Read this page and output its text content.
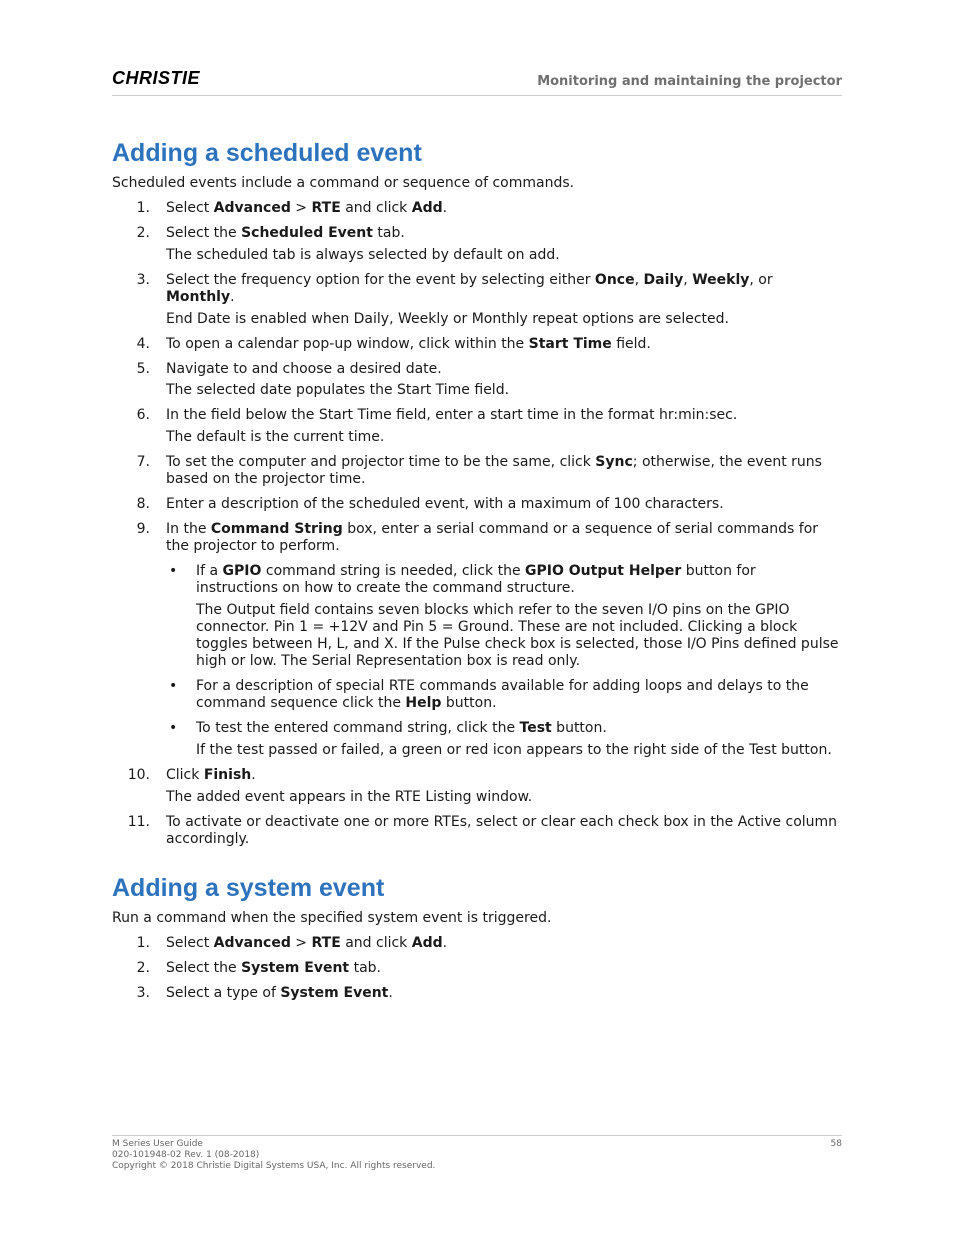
CHRISTIE	Monitoring and maintaining the projector
Adding a scheduled event

Scheduled events include a command or sequence of commands.

1. Select Advanced > RTE and click Add.
2. Select the Scheduled Event tab.
The scheduled tab is always selected by default on add.
3. Select the frequency option for the event by selecting either Once, Daily, Weekly, or
Monthly.
End Date is enabled when Daily, Weekly or Monthly repeat options are selected.
4. To open a calendar pop-up window, click within the Start Time field.
5. Navigate to and choose a desired date.
The selected date populates the Start Time field.
6. In the field below the Start Time field, enter a start time in the format hr:min:sec.
The default is the current time.
7. To set the computer and projector time to be the same, click Sync; otherwise, the event runs based on the projector time.
8. Enter a description of the scheduled event, with a maximum of 100 characters.
9. In the Command String box, enter a serial command or a sequence of serial commands for the projector to perform.
• If a GPIO command string is needed, click the GPIO Output Helper button for instructions on how to create the command structure.
The Output field contains seven blocks which refer to the seven I/O pins on the GPIO connector. Pin 1 = +12V and Pin 5 = Ground. These are not included. Clicking a block toggles between H, L, and X. If the Pulse check box is selected, those I/O Pins defined pulse high or low. The Serial Representation box is read only.
• For a description of special RTE commands available for adding loops and delays to the command sequence click the Help button.
• To test the entered command string, click the Test button.
If the test passed or failed, a green or red icon appears to the right side of the Test button.
10. Click Finish.
The added event appears in the RTE Listing window.
11. To activate or deactivate one or more RTEs, select or clear each check box in the Active column accordingly.
Adding a system event

Run a command when the specified system event is triggered.

1. Select Advanced > RTE and click Add.
2. Select the System Event tab.
3. Select a type of System Event.
M Series User Guide
020-101948-02 Rev. 1 (08-2018)
Copyright © 2018 Christie Digital Systems USA, Inc. All rights reserved.
58
